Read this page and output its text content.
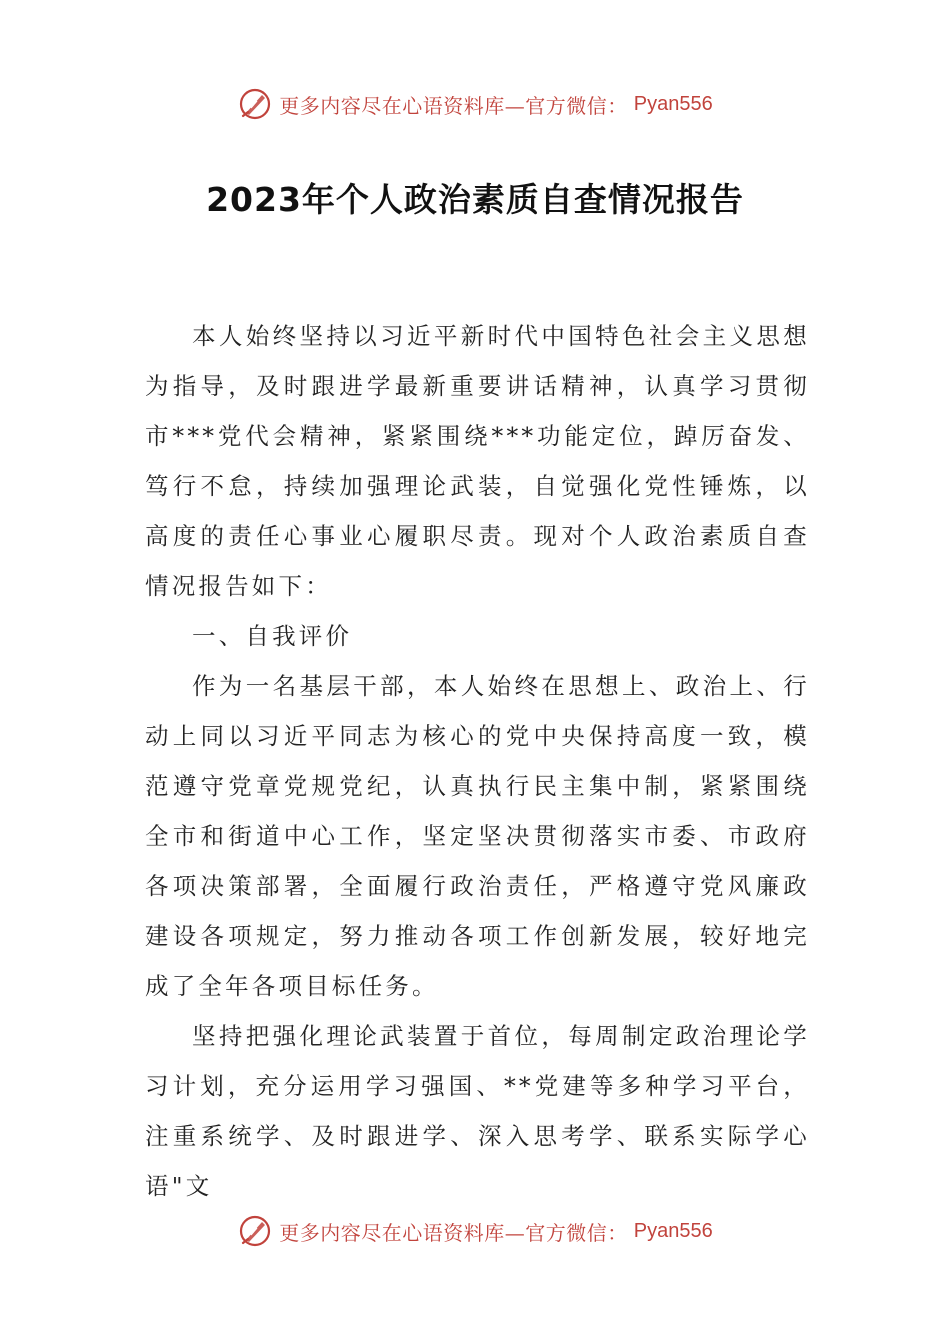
更多内容尽在心语资料库—官方微信： Pyan556
2023年个人政治素质自查情况报告

本人始终坚持以习近平新时代中国特色社会主义思想为指导，及时跟进学最新重要讲话精神，认真学习贯彻市***党代会精神，紧紧围绕***功能定位，踔厉奋发、笃行不怠，持续加强理论武装，自觉强化党性锤炼，以高度的责任心事业心履职尽责。现对个人政治素质自查情况报告如下：

一、自我评价

作为一名基层干部，本人始终在思想上、政治上、行动上同以习近平同志为核心的党中央保持高度一致，模范遵守党章党规党纪，认真执行民主集中制，紧紧围绕全市和街道中心工作，坚定坚决贯彻落实市委、市政府各项决策部署，全面履行政治责任，严格遵守党风廉政建设各项规定，努力推动各项工作创新发展，较好地完成了全年各项目标任务。

坚持把强化理论武装置于首位，每周制定政治理论学习计划，充分运用学习强国、**党建等多种学习平台，注重系统学、及时跟进学、深入思考学、联系实际学心语"文

更多内容尽在心语资料库—官方微信： Pyan556
